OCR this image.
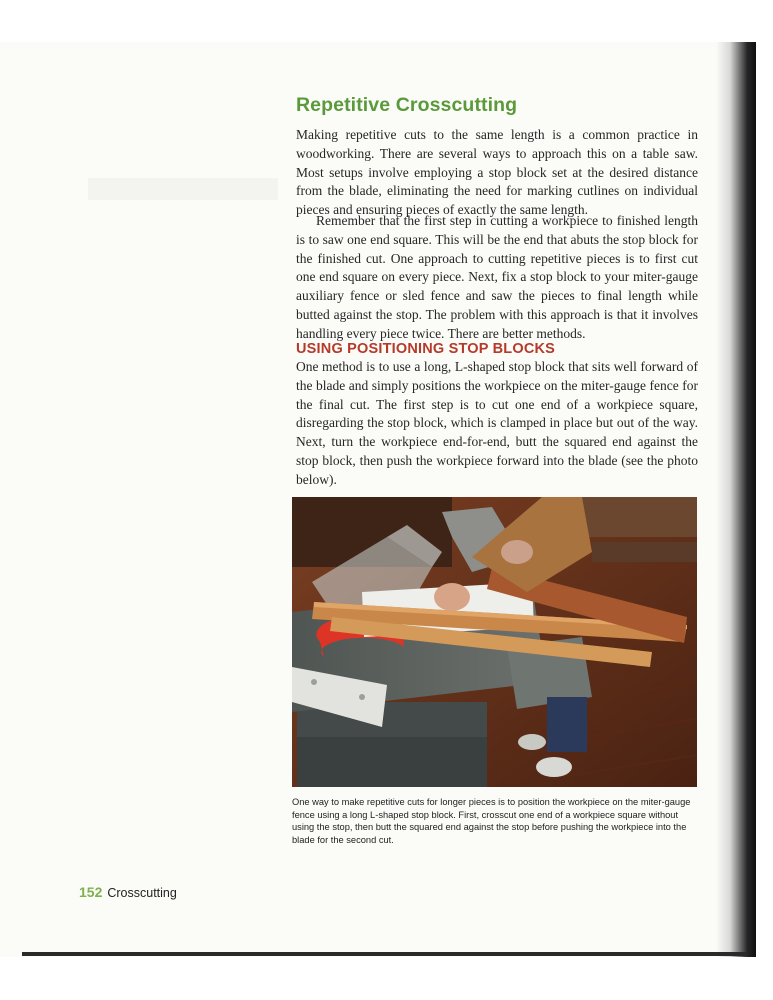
Repetitive Crosscutting

Making repetitive cuts to the same length is a common practice in woodworking. There are several ways to approach this on a table saw. Most setups involve employing a stop block set at the desired distance from the blade, eliminating the need for marking cutlines on individual pieces and ensuring pieces of exactly the same length.

Remember that the first step in cutting a workpiece to finished length is to saw one end square. This will be the end that abuts the stop block for the finished cut. One approach to cutting repetitive pieces is to first cut one end square on every piece. Next, fix a stop block to your miter-gauge auxiliary fence or sled fence and saw the pieces to final length while butted against the stop. The problem with this approach is that it involves handling every piece twice. There are better methods.

USING POSITIONING STOP BLOCKS

One method is to use a long, L-shaped stop block that sits well forward of the blade and simply positions the workpiece on the miter-gauge fence for the final cut. The first step is to cut one end of a workpiece square, disregarding the stop block, which is clamped in place but out of the way. Next, turn the workpiece end-for-end, butt the squared end against the stop block, then push the workpiece forward into the blade (see the photo below).

One way to make repetitive cuts for longer pieces is to position the workpiece on the miter-gauge fence using a long L-shaped stop block. First, crosscut one end of a workpiece square without using the stop, then butt the squared end against the stop before pushing the workpiece into the blade for the second cut.

152 Crosscutting
